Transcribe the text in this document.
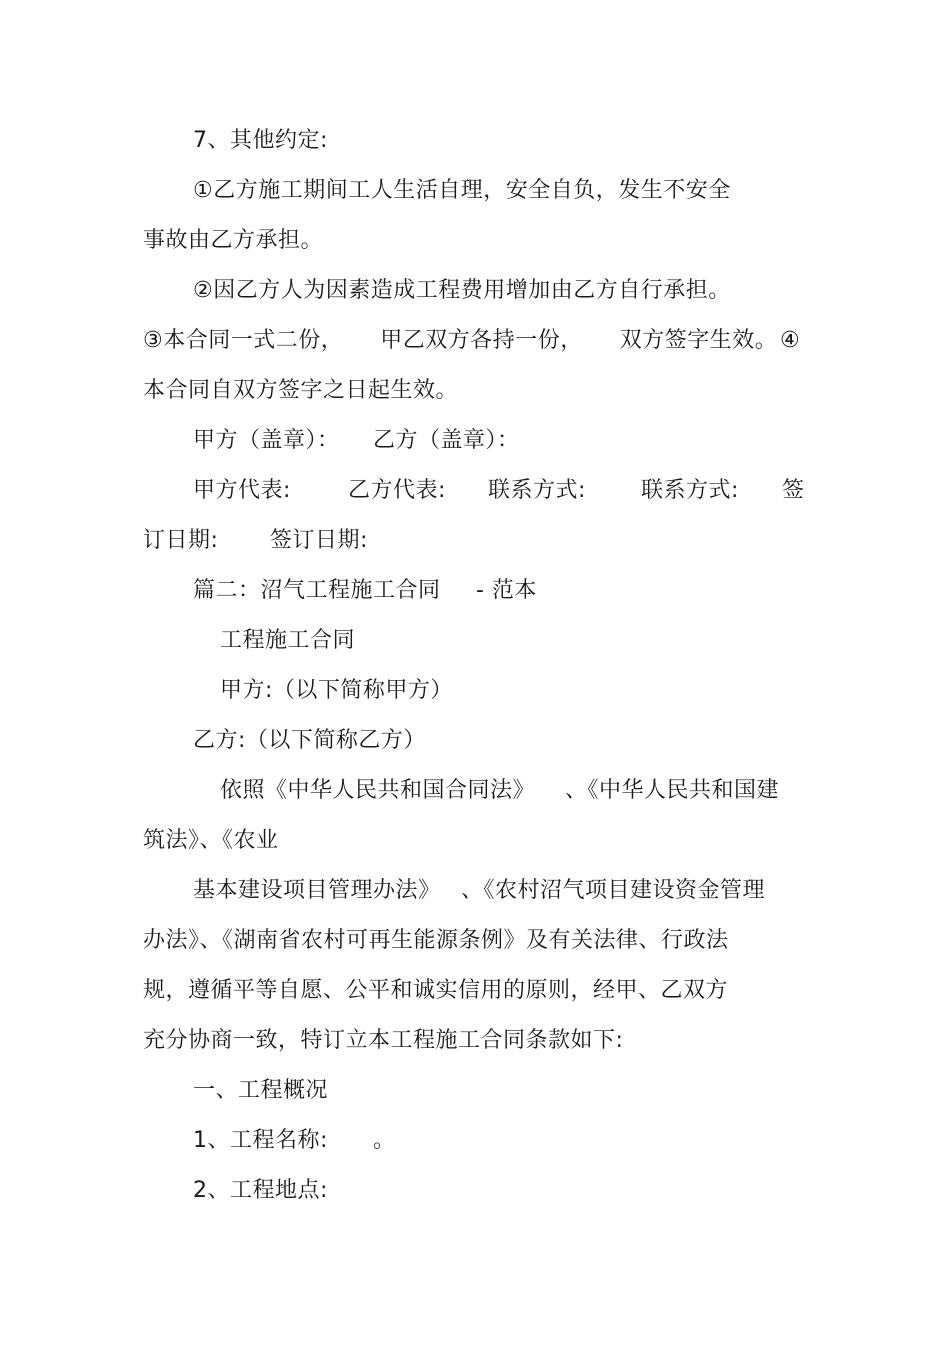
7、其他约定:
①乙方施工期间工人生活自理，安全自负，发生不安全
事故由乙方承担。
②因乙方人为因素造成工程费用增加由乙方自行承担。
③本合同一式二份， 甲乙双方各持一份， 双方签字生效。 ④
本合同自双方签字之日起生效。
甲方（盖章）： 乙方（盖章）：
甲方代表:	乙方代表: 联系方式:	联系方式: 签
订日期: 签订日期:
篇二：沼气工程施工合同 - 范本
工程施工合同
甲方:（以下简称甲方）
乙方:（以下简称乙方）
依照《中华人民共和国合同法》 、《中华人民共和国建
筑法》、《农业
基本建设项目管理办法》 、《农村沼气项目建设资金管理
办法》、《湖南省农村可再生能源条例》及有关法律、行政法
规，遵循平等自愿、公平和诚实信用的原则，经甲、乙双方
充分协商一致，特订立本工程施工合同条款如下:
一、工程概况
1、工程名称: 。
2、工程地点:
